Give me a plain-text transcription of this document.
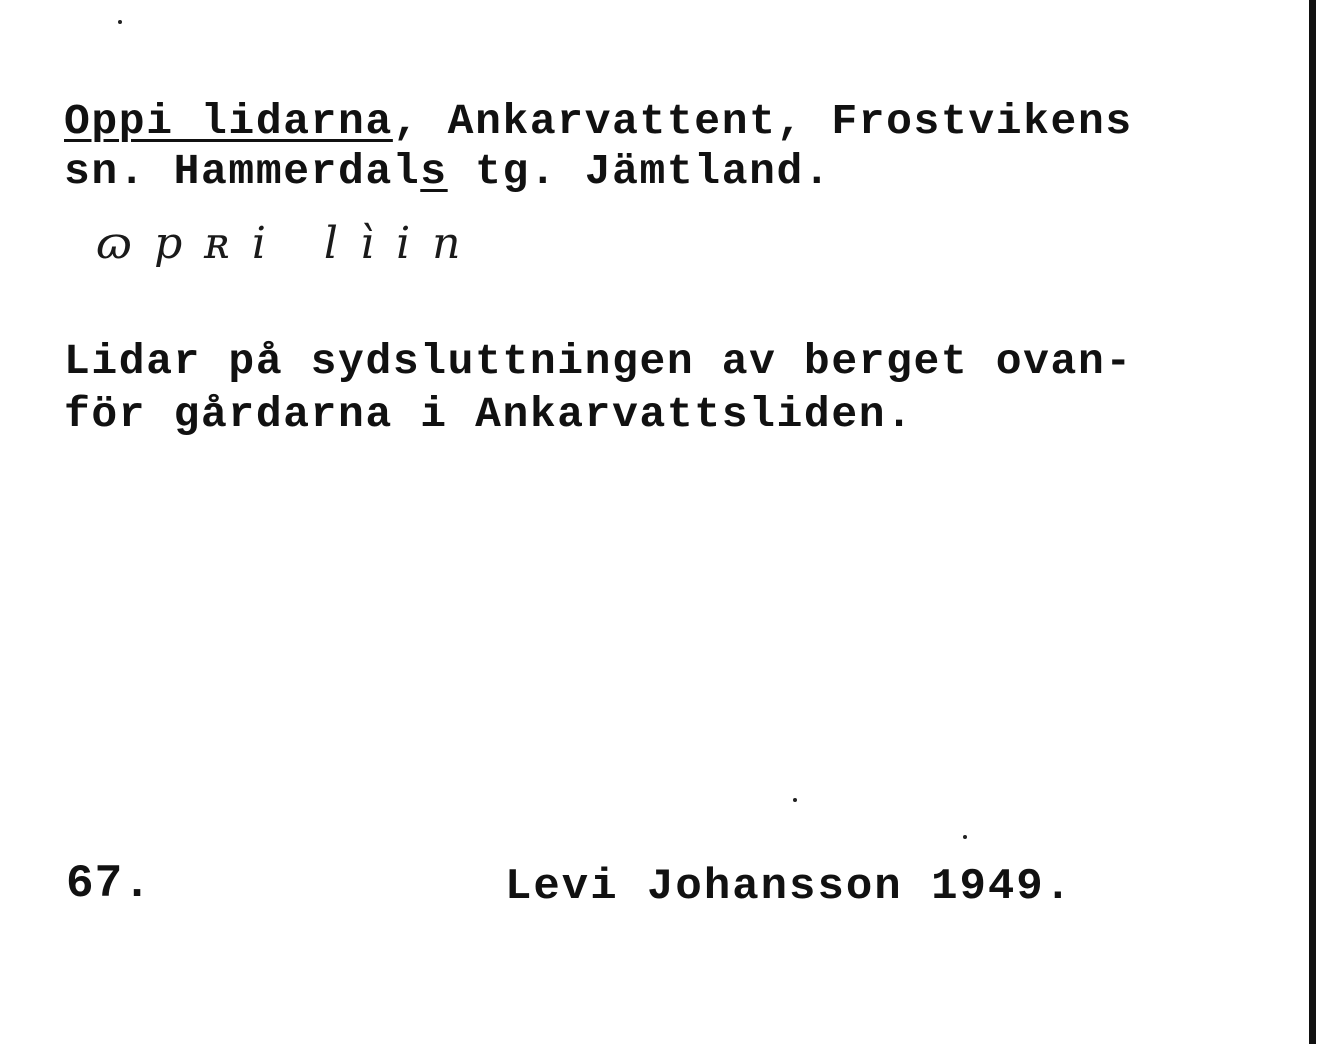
Oppi lidarna, Ankarvattent, Frostvikens
sn. Hammerdals tg. Jämtland.
ɷpʀi lìin
Lidar på sydsluttningen av berget ovan-
för gårdarna i Ankarvattsliden.
67.	Levi Johansson 1949.
